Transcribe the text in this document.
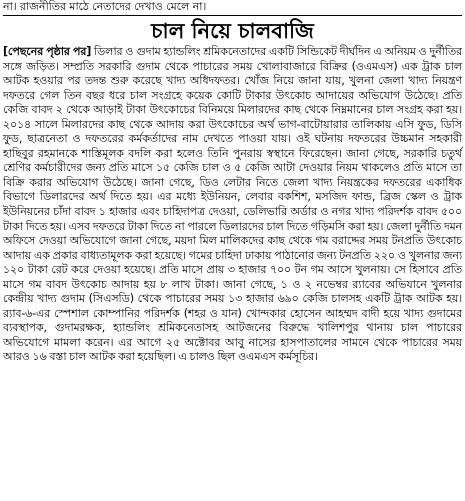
না। রাজনীতির মাঠে নেতাদের দেখাও মেলে না।
চাল নিয়ে চালবাজি
[পেছনের পৃষ্ঠার পর] ডিলার ও গুদাম হ্যান্ডলিং শ্রমিকনেতাদের একটি সিন্ডিকেট দীর্ঘদিন এ অনিয়ম ও দুর্নীতির সঙ্গে জড়িত। সম্প্রতি সরকারি গুদাম থেকে পাচারের সময় খোলাবাজারে বিক্রির (ওএমএস) এক ট্রাক চাল আটক হওয়ার পর তদন্ত শুরু করেছে খাদ্য অধিদফতর। খোঁজ নিয়ে জানা যায়, খুলনা জেলা খাদ্য নিয়ন্ত্রণ দফতরে গেল তিন বছর ধরে চাল সংগ্রহে কয়েক কোটি টাকার উৎকোচ আদায়ের অভিযোগ উঠেছে। প্রতি কেজি বাবদ ২ থেকে আড়াই টাকা উৎকোচের বিনিময়ে মিলারদের কাছ থেকে নিম্নমানের চাল সংগ্রহ করা হয়। ২০১৪ সালে মিলারদের কাছ থেকে আদায় করা উৎকোচের অর্থ ভাগ-বাটোয়ারার তালিকায় এসি ফুড, ডিসি ফুড, ছাত্রনেতা ও দফতরের কর্মকর্তাদের নাম দেখতে পাওয়া যায়। ওই ঘটনায় দফতরের উচ্চমান সহকারী হাছিবুর রহমানকে শাস্তিমূলক বদলি করা হলেও তিনি পুনরায় স্বস্থানে ফিরেছেন। জানা গেছে, সরকারি চতুর্থ শ্রেণির কর্মচারীদের জন্য প্রতি মাসে ১৫ কেজি চাল ও ৫ কেজি আটা দেওয়ার নিয়ম থাকলেও প্রতি মাসে তা বিক্রি করার অভিযোগ উঠেছে। জানা গেছে, ডিও লেটার নিতে জেলা খাদ্য নিয়ন্ত্রকের দফতরের একাধিক বিভাগে ডিলারদের অর্থ দিতে হয়। এর মধ্যে ইউনিয়ন, লেবার বকশিশ, মসজিদ ফান্ড, ব্রিজ স্কেল ও ট্রাক ইউনিয়নের চাঁদা বাবদ ১ হাজার এবং চাহিদাপত্র দেওয়া, ডেলিভারি অর্ডার ও নগর খাদ্য পরিদর্শক বাবদ ৫০০ টাকা দিতে হয়। এসব দফতরে টাকা দিতে না পারলে ডিলারদের চাল দিতে গড়িমসি করা হয়। জেলা দুর্নীতি দমন অফিসে দেওয়া অভিযোগে জানা গেছে, ময়দা মিল মালিকদের কাছ থেকে গম বরাদ্দের সময় টনপ্রতি উৎকোচ আদায় এক প্রকার বাধ্যতামূলক করা হয়েছে। গমের চাহিদা ঢাকায় পাঠানোর জন্য টনপ্রতি ২২০ ও খুলনার জন্য ১২০ টাকা রেট করে দেওয়া হয়েছে। প্রতি মাসে প্রায় ৩ হাজার ৭০০ টন গম আসে খুলনায়। সে হিসাবে প্রতি মাসে গম বাবদ উৎকোচ আদায় হয় ৮ লাখ টাকা। জানা গেছে, ১ ও ২ নভেম্বর র‌্যাবের অভিযানে খুলনার কেন্দ্রীয় খাদ্য গুদাম (সিএসডি) থেকে পাচারের সময় ১৩ হাজার ৬৯০ কেজি চালসহ একটি ট্রাক আটক হয়। র‌্যাব-৬-এর স্পেশাল কোম্পানির পরিদর্শক (শহর ও যান) খোন্দকার হোসেন আহম্মদ বাদী হয়ে খাদ্য গুদামের ব্যবস্থাপক, গুদামরক্ষক, হ্যান্ডলিং শ্রমিকনেতাসহ আটজনের বিরুদ্ধে খালিশপুর থানায় চাল পাচারের অভিযোগে মামলা করেন। এর আগে ২৫ অক্টোবর আবু নাসের হাসপাতালের সামনে থেকে পাচারের সময় আরও ১৬ বস্তা চাল আটক করা হয়েছিল। এ চালও ছিল ওএমএস কর্মসূচির।
